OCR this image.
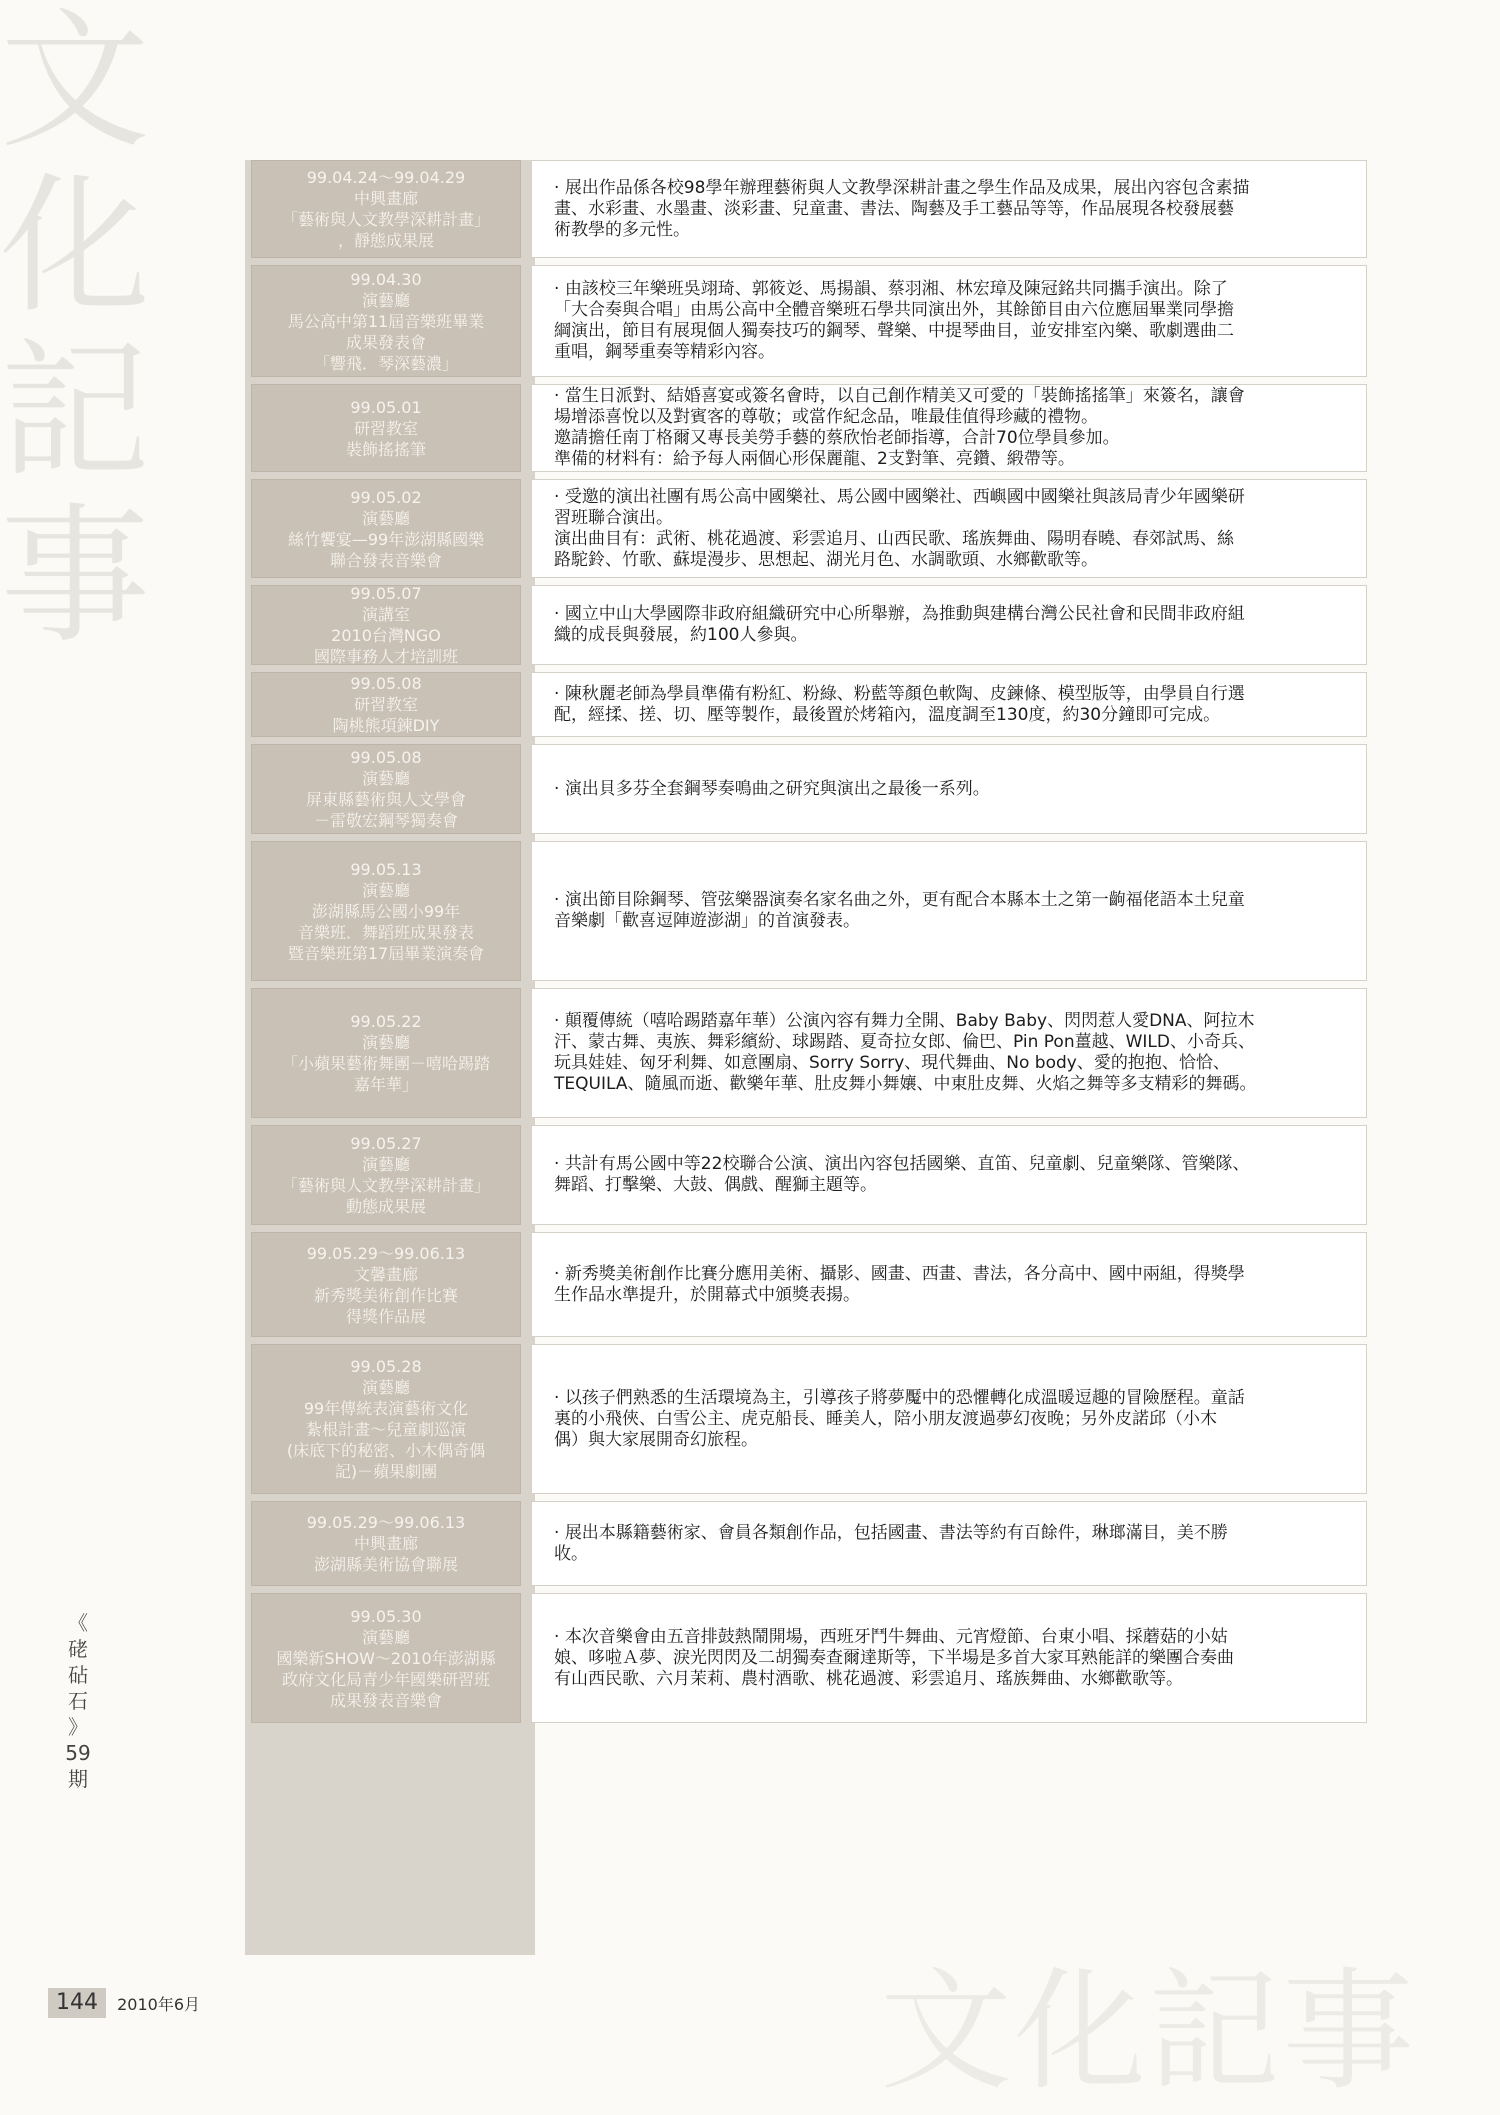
文
化
記
事
文化記事
《
硓
砧
石
》
59
期
144 2010年6月
99.04.24～99.04.29
中興畫廊
「藝術與人文教學深耕計畫」
，靜態成果展
· 展出作品係各校98學年辦理藝術與人文教學深耕計畫之學生作品及成果，展出內容包含素描
畫、水彩畫、水墨畫、淡彩畫、兒童畫、書法、陶藝及手工藝品等等，作品展現各校發展藝
術教學的多元性。
99.04.30
演藝廳
馬公高中第11屆音樂班畢業
成果發表會
「響飛．琴深藝濃」
· 由該校三年樂班吳翊琦、郭筱彣、馬揚韻、蔡羽湘、林宏璋及陳冠銘共同攜手演出。除了
「大合奏與合唱」由馬公高中全體音樂班石學共同演出外，其餘節目由六位應屆畢業同學擔
綱演出，節目有展現個人獨奏技巧的鋼琴、聲樂、中提琴曲目，並安排室內樂、歌劇選曲二
重唱，鋼琴重奏等精彩內容。
99.05.01
研習教室
裝飾搖搖筆
· 當生日派對、結婚喜宴或簽名會時，以自己創作精美又可愛的「裝飾搖搖筆」來簽名，讓會
場增添喜悅以及對賓客的尊敬；或當作紀念品，唯最佳值得珍藏的禮物。
邀請擔任南丁格爾又專長美勞手藝的蔡欣怡老師指導，合計70位學員參加。
準備的材料有：給予每人兩個心形保麗龍、2支對筆、亮鑽、緞帶等。
99.05.02
演藝廳
絲竹饗宴—99年澎湖縣國樂
聯合發表音樂會
· 受邀的演出社團有馬公高中國樂社、馬公國中國樂社、西嶼國中國樂社與該局青少年國樂研
習班聯合演出。
演出曲目有：武術、桃花過渡、彩雲追月、山西民歌、瑤族舞曲、陽明春曉、春郊試馬、絲
路駝鈴、竹歌、蘇堤漫步、思想起、湖光月色、水調歌頭、水鄉歡歌等。
99.05.07
演講室
2010台灣NGO
國際事務人才培訓班
· 國立中山大學國際非政府組織研究中心所舉辦，為推動與建構台灣公民社會和民間非政府組
織的成長與發展，約100人參與。
99.05.08
研習教室
陶桃熊項鍊DIY
· 陳秋麗老師為學員準備有粉紅、粉綠、粉藍等顏色軟陶、皮鍊條、模型版等，由學員自行選
配，經揉、搓、切、壓等製作，最後置於烤箱內，溫度調至130度，約30分鐘即可完成。
99.05.08
演藝廳
屏東縣藝術與人文學會
－雷敬宏鋼琴獨奏會
· 演出貝多芬全套鋼琴奏鳴曲之研究與演出之最後一系列。
99.05.13
演藝廳
澎湖縣馬公國小99年
音樂班．舞蹈班成果發表
暨音樂班第17屆畢業演奏會
· 演出節目除鋼琴、管弦樂器演奏名家名曲之外，更有配合本縣本土之第一齣福佬語本土兒童
音樂劇「歡喜逗陣遊澎湖」的首演發表。
99.05.22
演藝廳
「小蘋果藝術舞團－嘻哈踢踏
嘉年華」
· 顛覆傳統（嘻哈踢踏嘉年華）公演內容有舞力全開、Baby Baby、閃閃惹人愛DNA、阿拉木
汗、蒙古舞、夷族、舞彩繽紛、球踢踏、夏奇拉女郎、倫巴、Pin Pon薑越、WILD、小奇兵、
玩具娃娃、匈牙利舞、如意團扇、Sorry Sorry、現代舞曲、No body、愛的抱抱、恰恰、
TEQUILA、隨風而逝、歡樂年華、肚皮舞小舞孃、中東肚皮舞、火焰之舞等多支精彩的舞碼。
99.05.27
演藝廳
「藝術與人文教學深耕計畫」
動態成果展
· 共計有馬公國中等22校聯合公演、演出內容包括國樂、直笛、兒童劇、兒童樂隊、管樂隊、
舞蹈、打擊樂、大鼓、偶戲、醒獅主題等。
99.05.29～99.06.13
文馨畫廊
新秀獎美術創作比賽
得獎作品展
· 新秀獎美術創作比賽分應用美術、攝影、國畫、西畫、書法，各分高中、國中兩組，得獎學
生作品水準提升，於開幕式中頒獎表揚。
99.05.28
演藝廳
99年傳統表演藝術文化
紮根計畫～兒童劇巡演
(床底下的秘密、小木偶奇偶
記)－蘋果劇團
· 以孩子們熟悉的生活環境為主，引導孩子將夢魘中的恐懼轉化成溫暖逗趣的冒險歷程。童話
裏的小飛俠、白雪公主、虎克船長、睡美人，陪小朋友渡過夢幻夜晚；另外皮諾邱（小木
偶）與大家展開奇幻旅程。
99.05.29～99.06.13
中興畫廊
澎湖縣美術協會聯展
· 展出本縣籍藝術家、會員各類創作品，包括國畫、書法等約有百餘件，琳瑯滿目，美不勝
收。
99.05.30
演藝廳
國樂新SHOW～2010年澎湖縣
政府文化局青少年國樂研習班
成果發表音樂會
· 本次音樂會由五音排鼓熱鬧開場，西班牙鬥牛舞曲、元宵燈節、台東小唱、採蘑菇的小姑
娘、哆啦Ａ夢、淚光閃閃及二胡獨奏查爾達斯等，下半場是多首大家耳熟能詳的樂團合奏曲
有山西民歌、六月茉莉、農村酒歌、桃花過渡、彩雲追月、瑤族舞曲、水鄉歡歌等。
